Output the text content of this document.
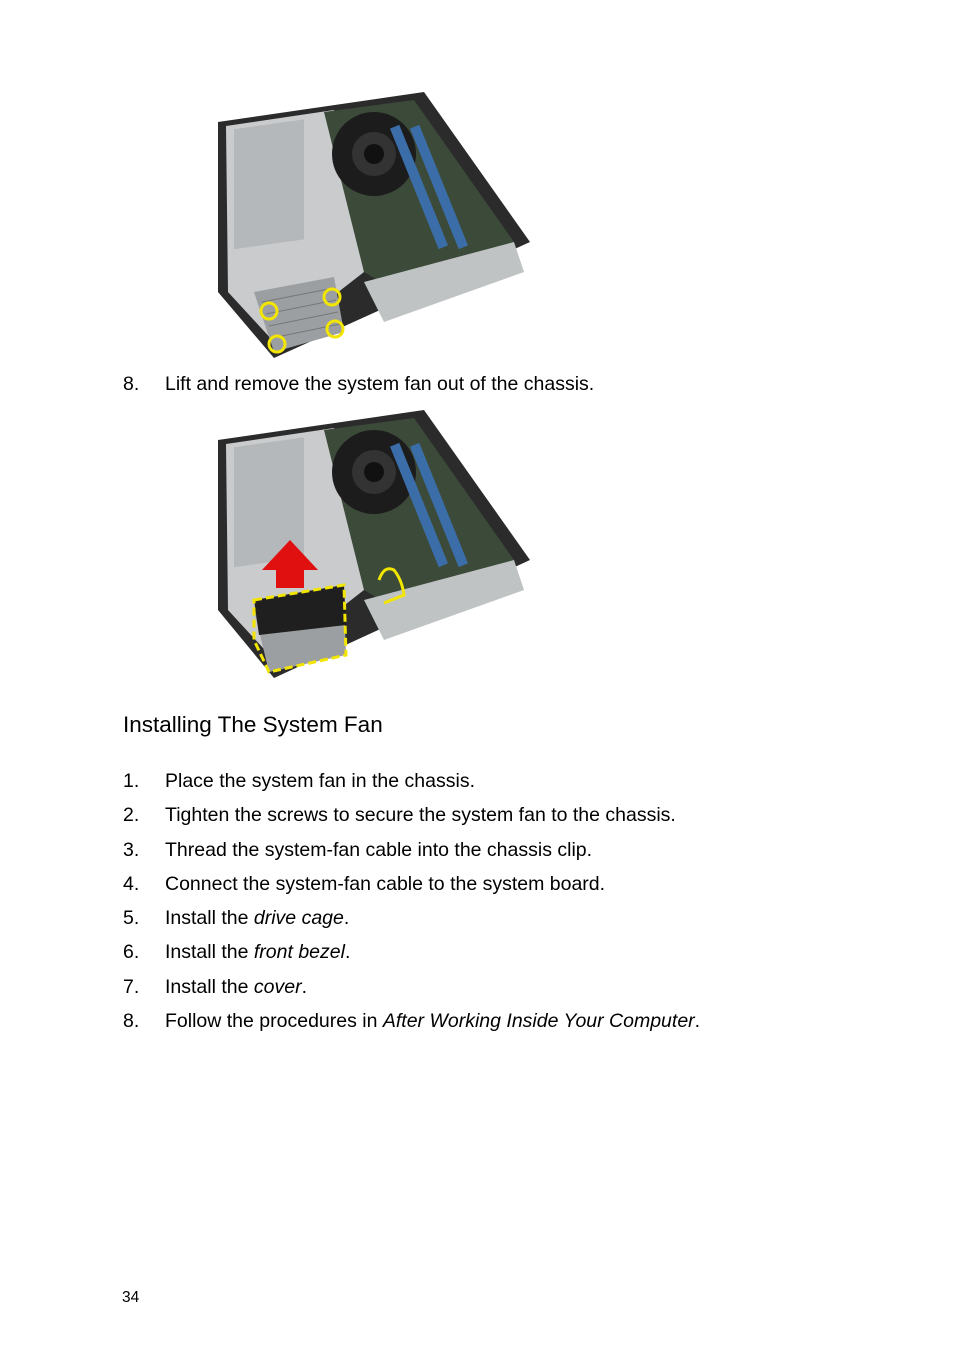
8.	Lift and remove the system fan out of the chassis.
Installing The System Fan
1.	Place the system fan in the chassis.
2.	Tighten the screws to secure the system fan to the chassis.
3.	Thread the system-fan cable into the chassis clip.
4.	Connect the system-fan cable to the system board.
5.	Install the drive cage.
6.	Install the front bezel.
7.	Install the cover.
8.	Follow the procedures in After Working Inside Your Computer.
34
